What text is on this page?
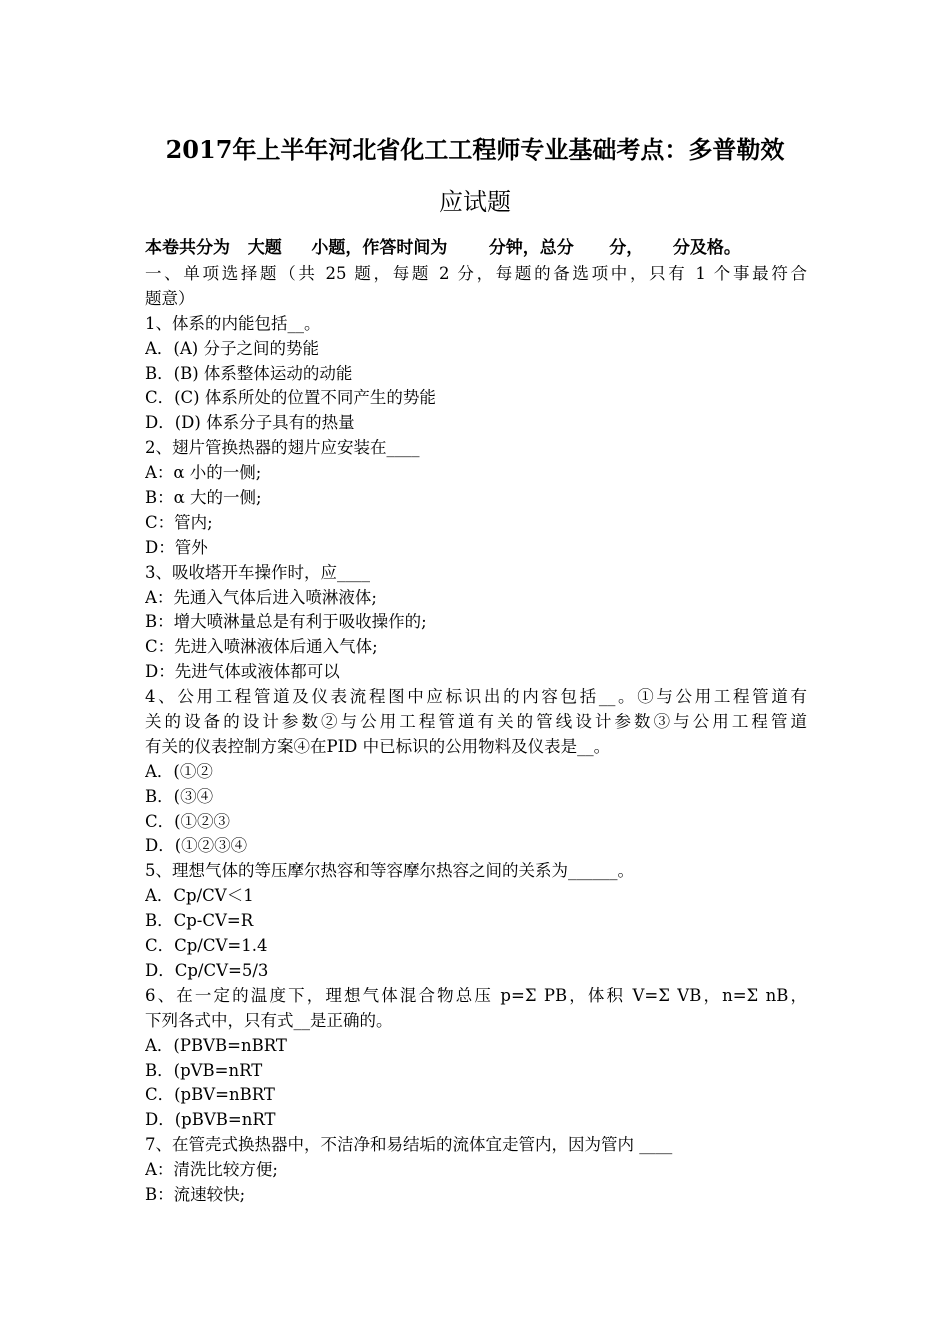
2017年上半年河北省化工工程师专业基础考点：多普勒效
应试题
本卷共分为   大题     小题，作答时间为       分钟，总分      分，     分及格。

一、单项选择题（共 25 题，每题 2 分，每题的备选项中，只有 1 个事最符合

题意）

1、体系的内能包括__。

A．(A) 分子之间的势能

B．(B) 体系整体运动的动能

C．(C) 体系所处的位置不同产生的势能

D．(D) 体系分子具有的热量

2、翅片管换热器的翅片应安装在____

A：α 小的一侧;

B：α 大的一侧;

C：管内;

D：管外

3、吸收塔开车操作时，应____

A：先通入气体后进入喷淋液体;

B：增大喷淋量总是有利于吸收操作的;

C：先进入喷淋液体后通入气体;

D：先进气体或液体都可以

4、公用工程管道及仪表流程图中应标识出的内容包括__。①与公用工程管道有

关的设备的设计参数②与公用工程管道有关的管线设计参数③与公用工程管道

有关的仪表控制方案④在PID 中已标识的公用物料及仪表是__。

A．(①②

B．(③④

C．(①②③

D．(①②③④

5、理想气体的等压摩尔热容和等容摩尔热容之间的关系为______。

A．Cp/CV＜1

B．Cp-CV=R

C．Cp/CV=1.4

D．Cp/CV=5/3

6、在一定的温度下，理想气体混合物总压 p=Σ PB，体积 V=Σ VB，n=Σ nB，

下列各式中，只有式__是正确的。

A．(PBVB=nBRT

B．(pVB=nRT

C．(pBV=nBRT

D．(pBVB=nRT

7、在管壳式换热器中，不洁净和易结垢的流体宜走管内，因为管内 ____

A：清洗比较方便;

B：流速较快;
